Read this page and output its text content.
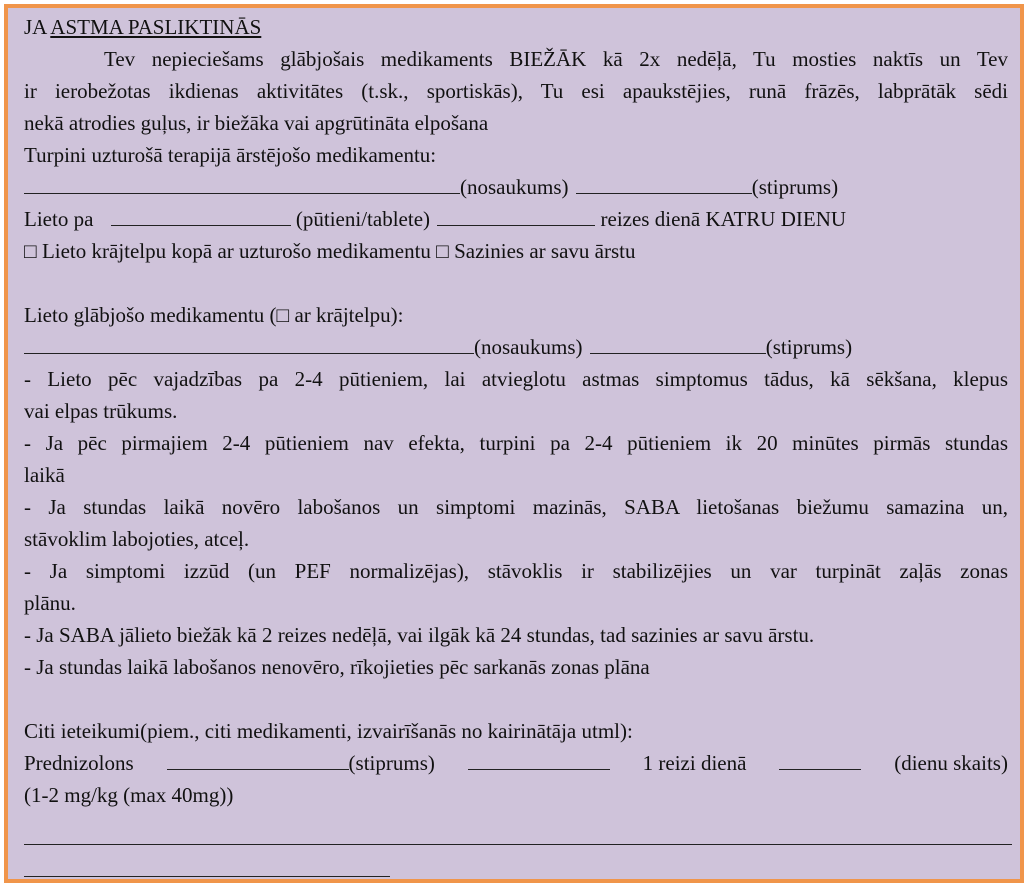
JA ASTMA PASLIKTINĀS
Tev nepieciešams glābjošais medikaments BIEŽĀK kā 2x nedēļā, Tu mosties naktīs un Tev
ir ierobežotas ikdienas aktivitātes (t.sk., sportiskās), Tu esi apaukstējies, runā frāzēs, labprātāk sēdi
nekā atrodies guļus, ir biežāka vai apgrūtināta elpošana
Turpini uzturošā terapijā ārstējošo medikamentu:
(nosaukums)	(stiprums)
Lieto pa	(pūtieni/tablete)	reizes dienā KATRU DIENU
□ Lieto krājtelpu kopā ar uzturošo medikamentu □ Sazinies ar savu ārstu
Lieto glābjošo medikamentu (□ ar krājtelpu):
(nosaukums)	(stiprums)
- Lieto pēc vajadzības pa 2-4 pūtieniem, lai atvieglotu astmas simptomus tādus, kā sēkšana, klepus
vai elpas trūkums.
- Ja pēc pirmajiem 2-4 pūtieniem nav efekta, turpini pa 2-4 pūtieniem ik 20 minūtes pirmās stundas
laikā
- Ja stundas laikā novēro labošanos un simptomi mazinās, SABA lietošanas biežumu samazina un,
stāvoklim labojoties, atceļ.
- Ja simptomi izzūd (un PEF normalizējas), stāvoklis ir stabilizējies un var turpināt zaļās zonas
plānu.
- Ja SABA jālieto biežāk kā 2 reizes nedēļā, vai ilgāk kā 24 stundas, tad sazinies ar savu ārstu.
- Ja stundas laikā labošanos nenovēro, rīkojieties pēc sarkanās zonas plāna
Citi ieteikumi(piem., citi medikamenti, izvairīšanās no kairinātāja utml):
Prednizolons	(stiprums)	1 reizi dienā	(dienu skaits)
(1-2 mg/kg (max 40mg))
